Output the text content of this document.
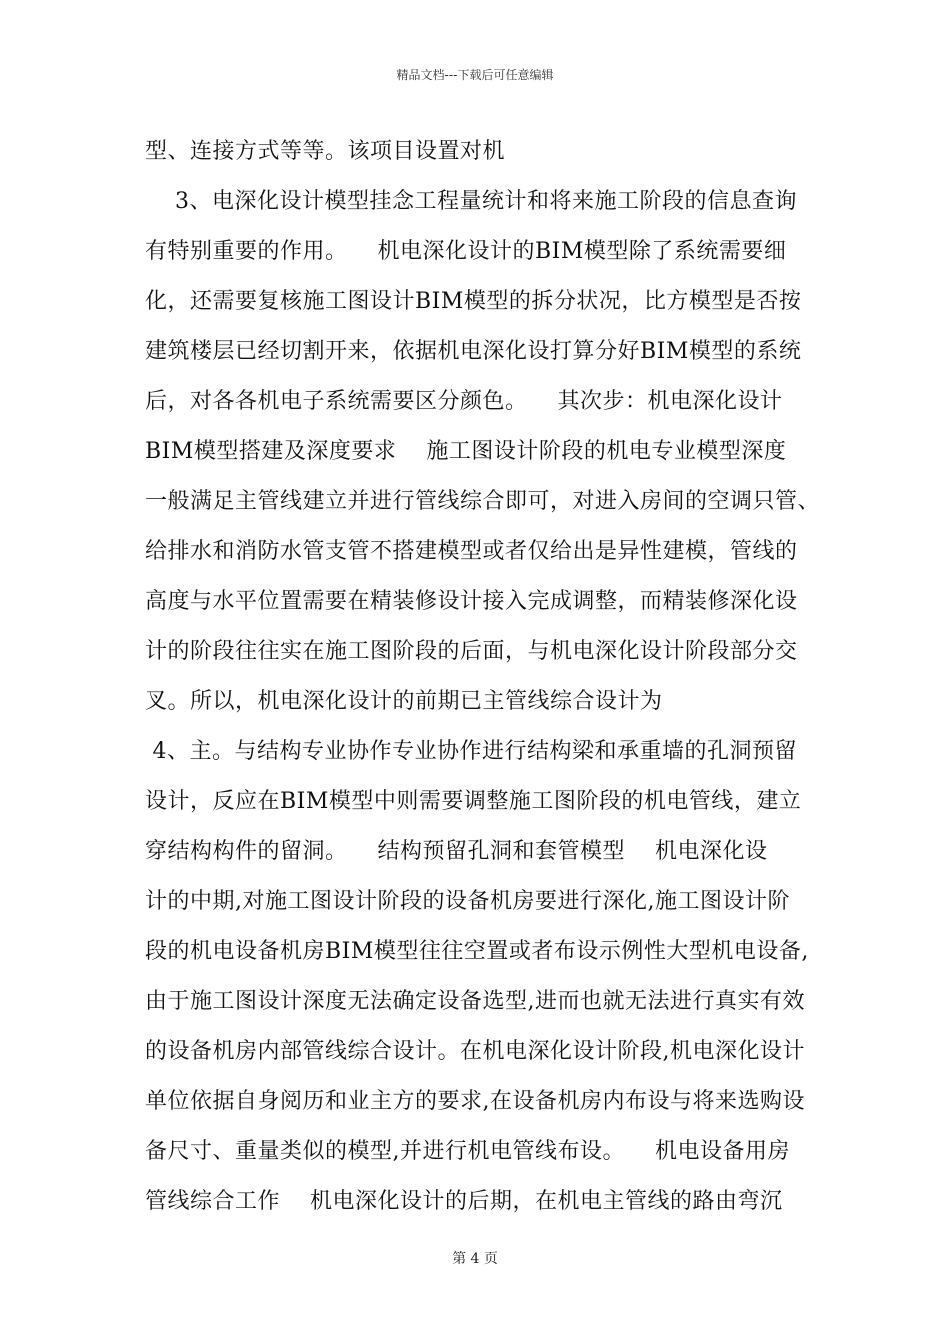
精品文档---下载后可任意编辑
型、连接方式等等。该项目设置对机
3、电深化设计模型挂念工程量统计和将来施工阶段的信息查询
有特别重要的作用。    机电深化设计的BIM模型除了系统需要细
化，还需要复核施工图设计BIM模型的拆分状况，比方模型是否按
建筑楼层已经切割开来，依据机电深化设打算分好BIM模型的系统
后，对各各机电子系统需要区分颜色。    其次步：机电深化设计
BIM模型搭建及深度要求    施工图设计阶段的机电专业模型深度
一般满足主管线建立并进行管线综合即可，对进入房间的空调只管、
给排水和消防水管支管不搭建模型或者仅给出是异性建模，管线的
高度与水平位置需要在精装修设计接入完成调整，而精装修深化设
计的阶段往往实在施工图阶段的后面，与机电深化设计阶段部分交
叉。所以，机电深化设计的前期已主管线综合设计为
4、主。与结构专业协作专业协作进行结构梁和承重墙的孔洞预留
设计，反应在BIM模型中则需要调整施工图阶段的机电管线，建立
穿结构构件的留洞。    结构预留孔洞和套管模型    机电深化设
计的中期,对施工图设计阶段的设备机房要进行深化,施工图设计阶
段的机电设备机房BIM模型往往空置或者布设示例性大型机电设备,
由于施工图设计深度无法确定设备选型,进而也就无法进行真实有效
的设备机房内部管线综合设计。在机电深化设计阶段,机电深化设计
单位依据自身阅历和业主方的要求,在设备机房内布设与将来选购设
备尺寸、重量类似的模型,并进行机电管线布设。    机电设备用房
管线综合工作    机电深化设计的后期，在机电主管线的路由弯沉
第 4 页
